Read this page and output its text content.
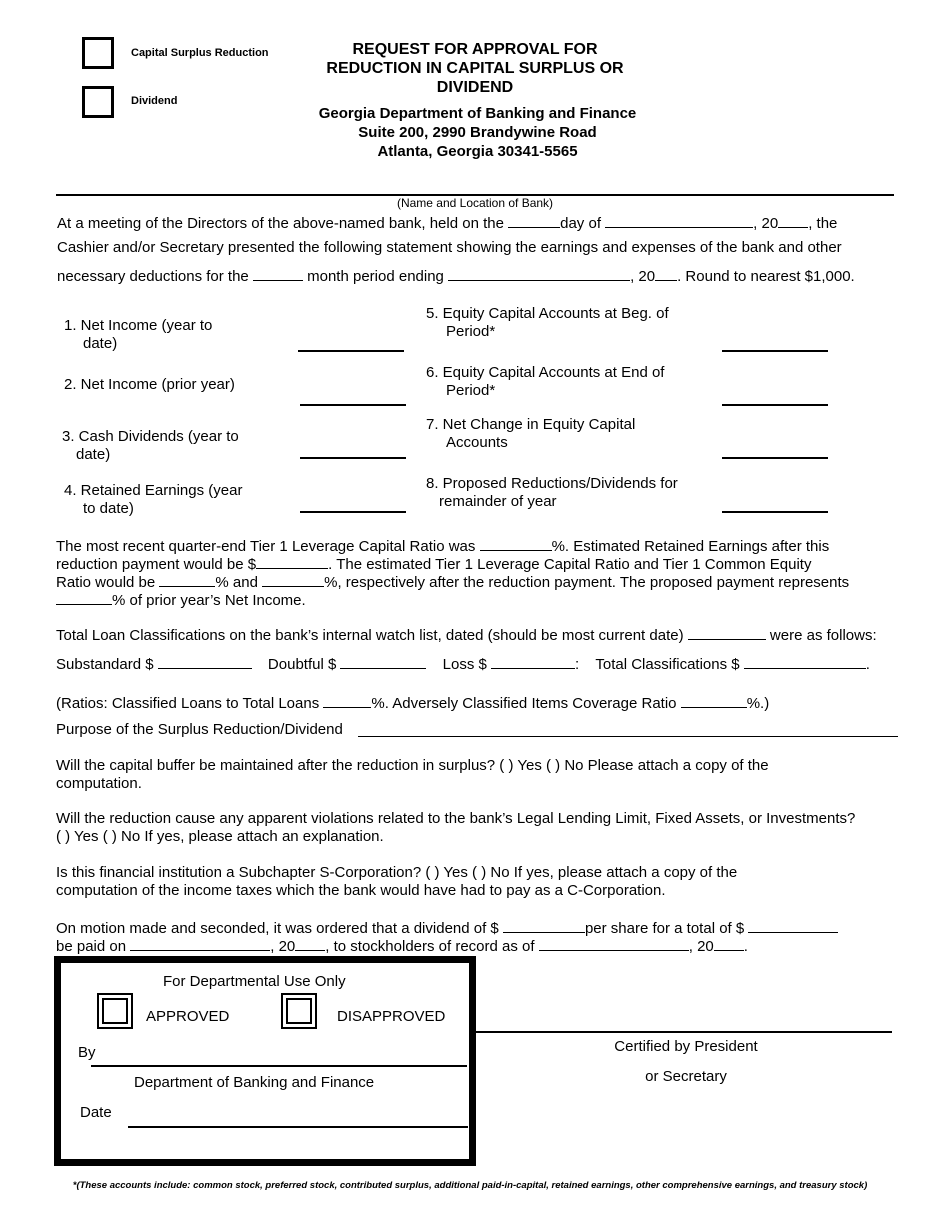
Capital Surplus Reduction
Dividend
REQUEST FOR APPROVAL FOR
REDUCTION IN CAPITAL SURPLUS OR
DIVIDEND
Georgia Department of Banking and Finance
Suite 200, 2990 Brandywine Road
Atlanta, Georgia 30341-5565
(Name and Location of Bank)
At a meeting of the Directors of the above-named bank, held on the	day of	, 20 , the
Cashier and/or Secretary presented the following statement showing the earnings and expenses of the bank and other
necessary deductions for the	month period ending	, 20 . Round to nearest $1,000.
1. Net Income (year to
date)
2. Net Income (prior year)
3. Cash Dividends (year to
date)
4. Retained Earnings (year
to date)
5. Equity Capital Accounts at Beg. of
Period*
6. Equity Capital Accounts at End of
Period*
7. Net Change in Equity Capital
Accounts
8. Proposed Reductions/Dividends for
remainder of year
The most recent quarter-end Tier 1 Leverage Capital Ratio was	%. Estimated Retained Earnings after this
reduction payment would be $	. The estimated Tier 1 Leverage Capital Ratio and Tier 1 Common Equity
Ratio would be	% and	%, respectively after the reduction payment. The proposed payment represents
% of prior year’s Net Income.
Total Loan Classifications on the bank’s internal watch list, dated (should be most current date)	were as follows:
Substandard $	Doubtful $	Loss $	: Total Classifications $	.
(Ratios: Classified Loans to Total Loans	%. Adversely Classified Items Coverage Ratio	%.)
Purpose of the Surplus Reduction/Dividend
Will the capital buffer be maintained after the reduction in surplus? ( ) Yes ( ) No Please attach a copy of the
computation.
Will the reduction cause any apparent violations related to the bank’s Legal Lending Limit, Fixed Assets, or Investments?
( ) Yes ( ) No If yes, please attach an explanation.
Is this financial institution a Subchapter S-Corporation? ( ) Yes ( ) No If yes, please attach a copy of the
computation of the income taxes which the bank would have had to pay as a C-Corporation.
On motion made and seconded, it was ordered that a dividend of $	per share for a total of $
be paid on	, 20 , to stockholders of record as of	, 20 .
For Departmental Use Only
APPROVED	DISAPPROVED
By
Department of Banking and Finance
Date
Certified by President
or Secretary
*(These accounts include: common stock, preferred stock, contributed surplus, additional paid-in-capital, retained earnings, other comprehensive earnings, and treasury stock)
